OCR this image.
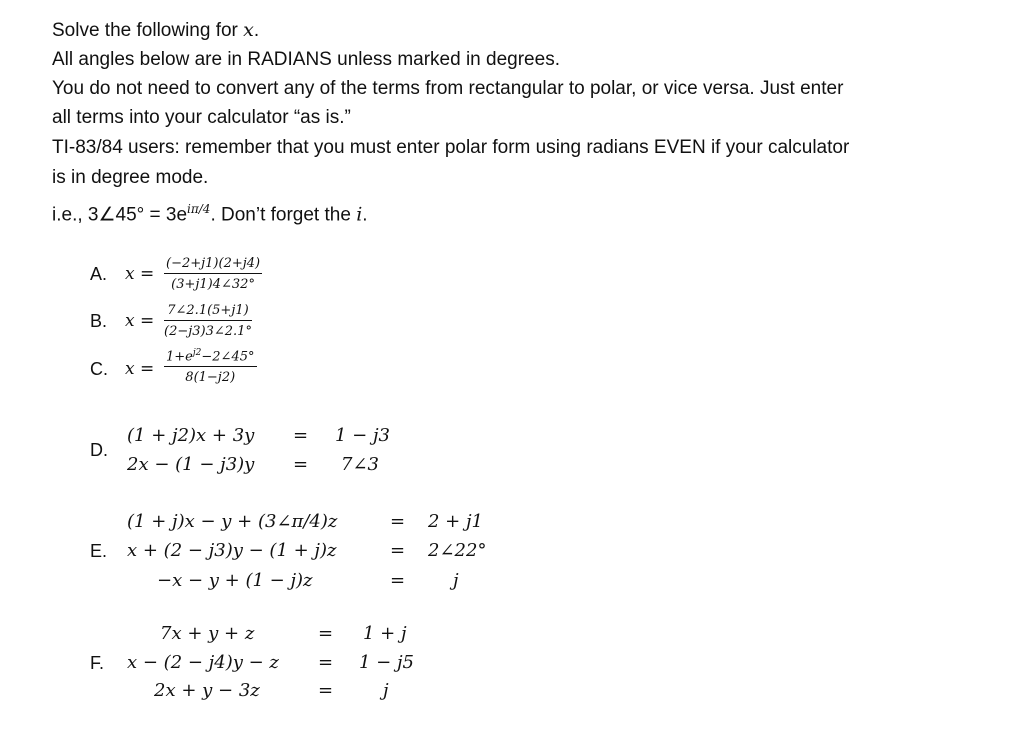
Solve the following for x.
All angles below are in RADIANS unless marked in degrees.
You do not need to convert any of the terms from rectangular to polar, or vice versa. Just enter
all terms into your calculator “as is.”
TI-83/84 users: remember that you must enter polar form using radians EVEN if your calculator
is in degree mode.
i.e., 3∠45° = $3e^{i\pi/4}$. Don’t forget the i.
A. $x = \frac{(-2+j1)(2+j4)}{(3+j1)4\angle 32^\circ}$
B. $x = \frac{7\angle 2.1(5+j1)}{(2-j3)3\angle 2.1^\circ}$
C. $x = \frac{1+e^{j2}-2\angle 45^\circ}{8(1-j2)}$
D.
(1 + j2)x + 3y = 1 − j3
2x − (1 − j3)y = 7∠3
E.
(1 + j)x − y + (3∠π/4)z	= 2 + j1
x + (2 − j3)y − (1 + j)z	= 2∠22°
−x − y + (1 − j)z	=	j
F.
7x + y + z	= 1 + j
x − (2 − j4)y − z = 1 − j5
2x + y − 3z	=	j
